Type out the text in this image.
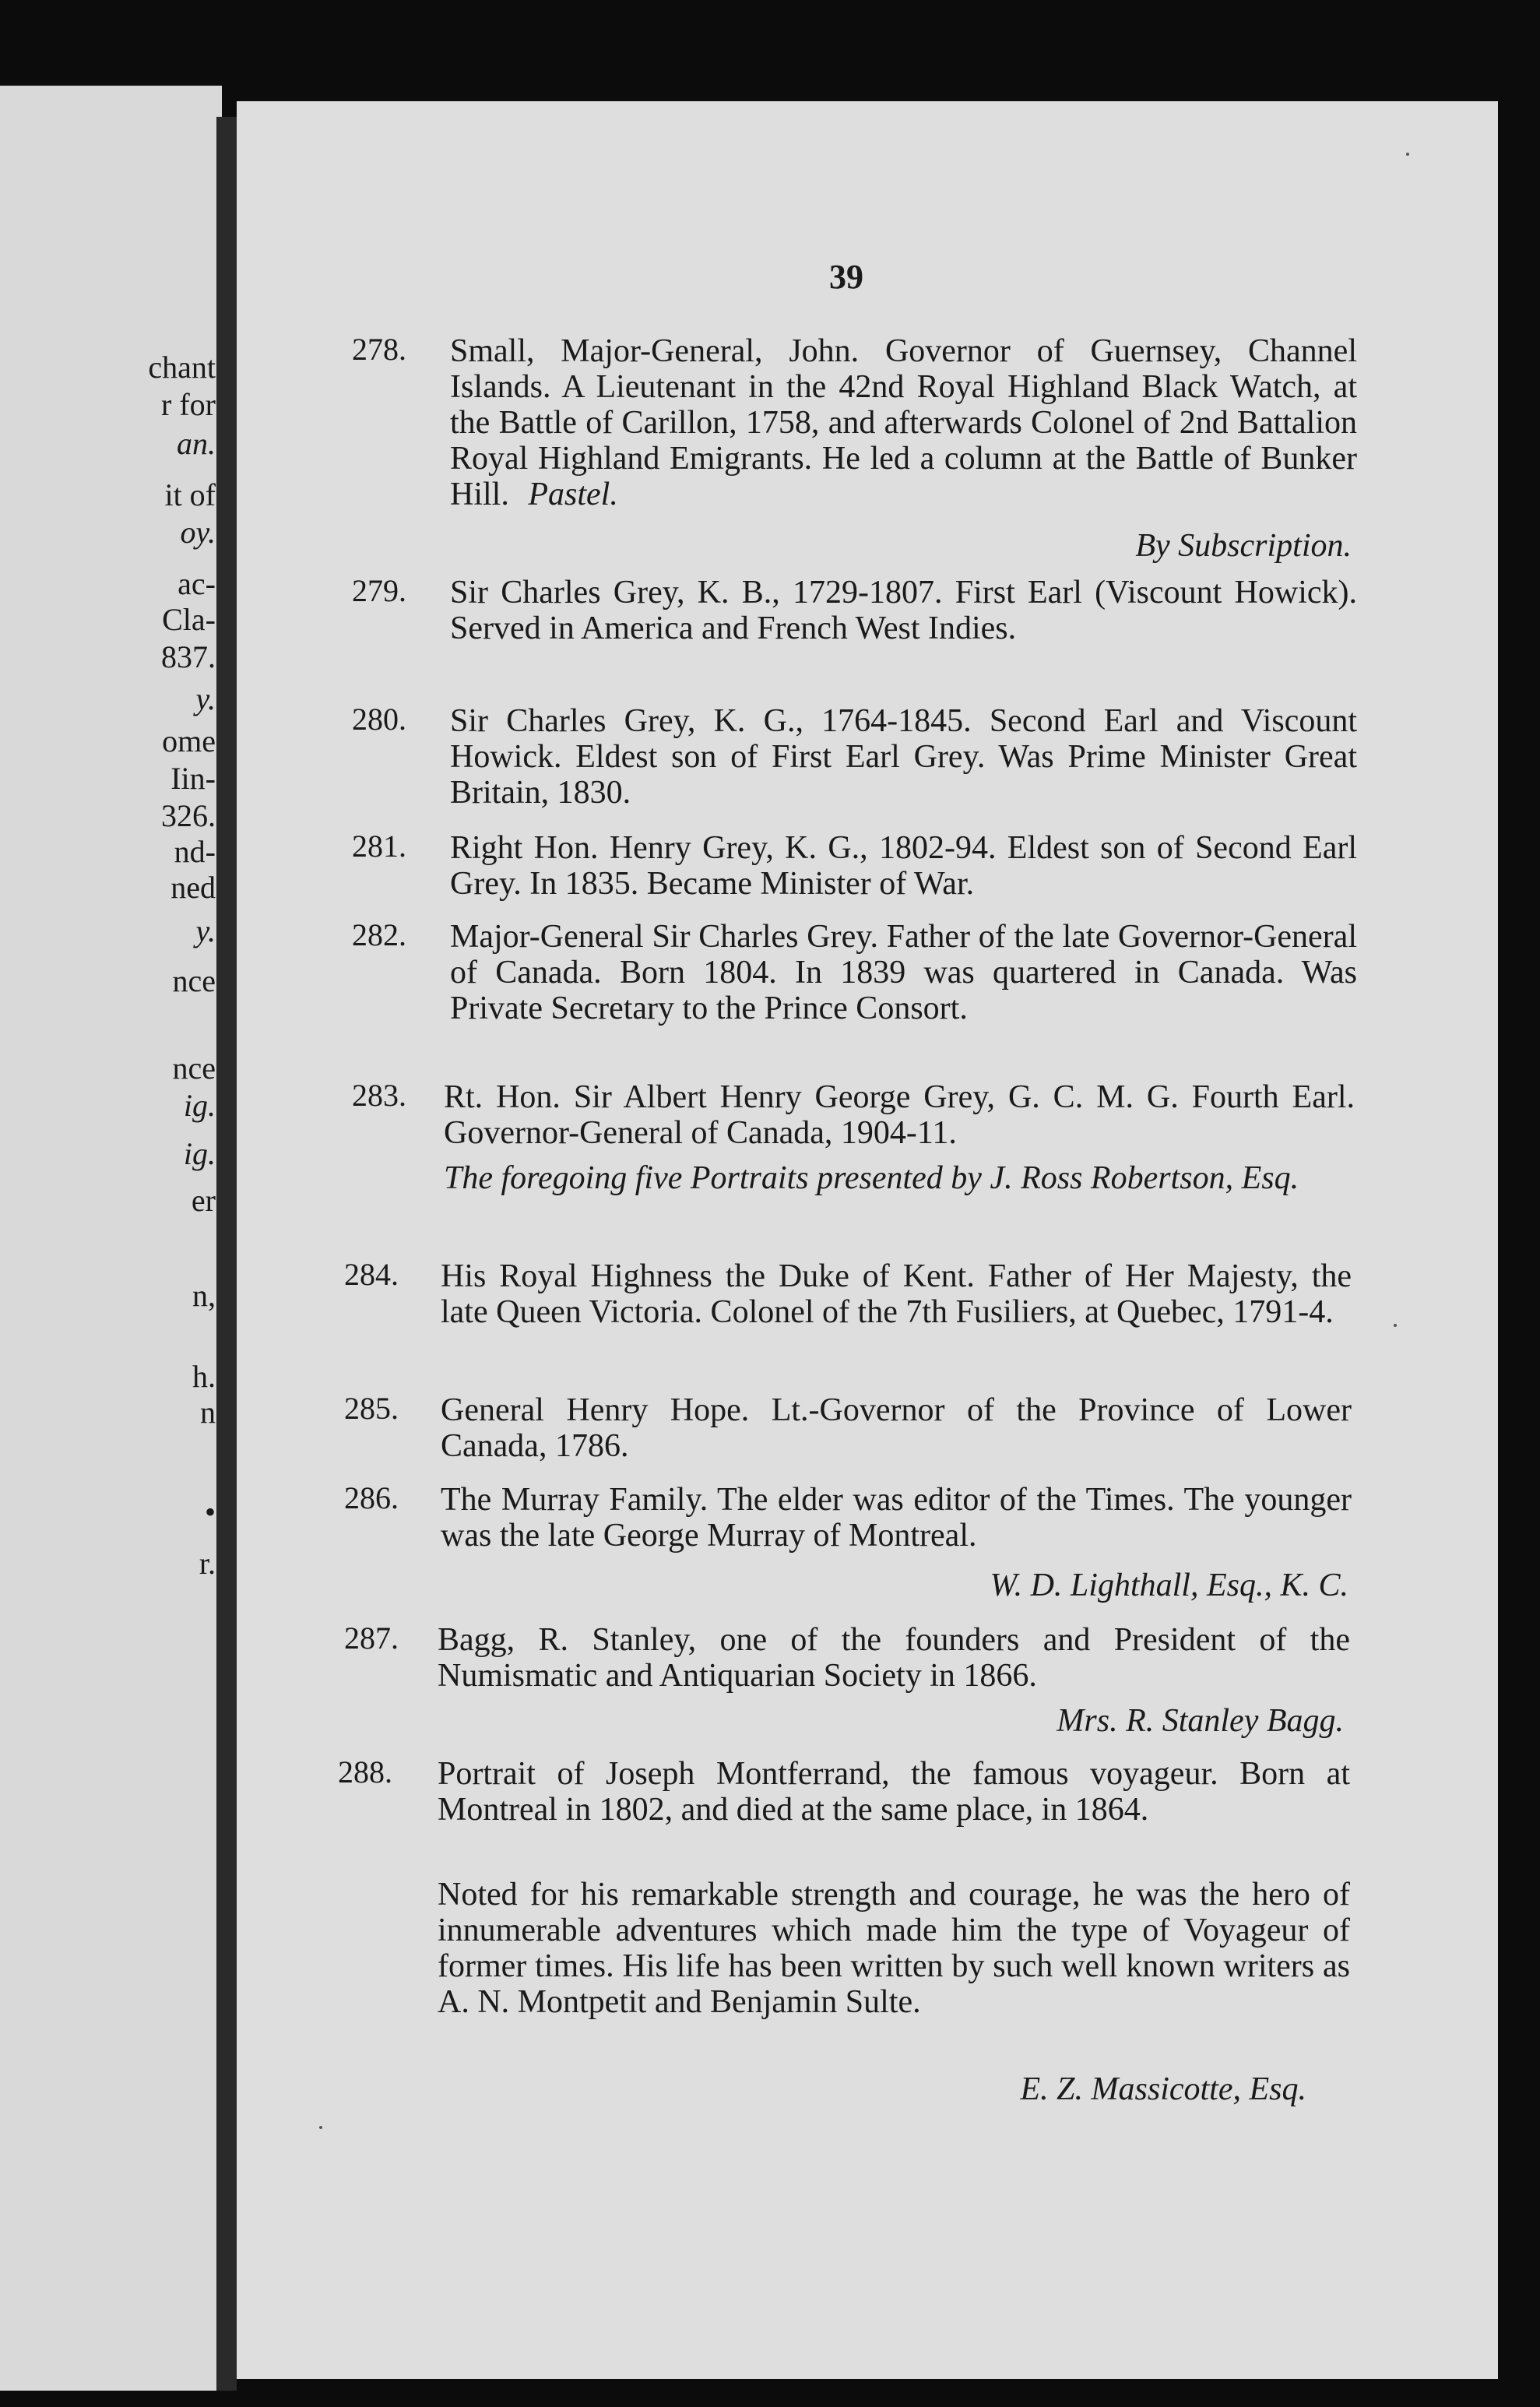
chant
r for
an.
it of
oy.
ac-
Cla-
837.
y.
ome
Iin-
326.
nd-
ned
y.
nce
nce
ig.
ig.
er
n,
h.
n
•
r.
39
278. Small, Major-General, John. Governor of Guernsey, Channel Islands. A Lieutenant in the 42nd Royal Highland Black Watch, at the Battle of Carillon, 1758, and afterwards Colonel of 2nd Battalion Royal Highland Emigrants. He led a column at the Battle of Bunker Hill. Pastel.
By Subscription.
279. Sir Charles Grey, K. B., 1729-1807. First Earl (Viscount Howick). Served in America and French West Indies.
280. Sir Charles Grey, K. G., 1764-1845. Second Earl and Viscount Howick. Eldest son of First Earl Grey. Was Prime Minister Great Britain, 1830.
281. Right Hon. Henry Grey, K. G., 1802-94. Eldest son of Second Earl Grey. In 1835. Became Minister of War.
282. Major-General Sir Charles Grey. Father of the late Governor-General of Canada. Born 1804. In 1839 was quartered in Canada. Was Private Secretary to the Prince Consort.
283. Rt. Hon. Sir Albert Henry George Grey, G. C. M. G. Fourth Earl. Governor-General of Canada, 1904-11.
The foregoing five Portraits presented by J. Ross Robertson, Esq.
284. His Royal Highness the Duke of Kent. Father of Her Majesty, the late Queen Victoria. Colonel of the 7th Fusiliers, at Quebec, 1791-4.
285. General Henry Hope. Lt.-Governor of the Province of Lower Canada, 1786.
286. The Murray Family. The elder was editor of the Times. The younger was the late George Murray of Montreal.
W. D. Lighthall, Esq., K. C.
287. Bagg, R. Stanley, one of the founders and President of the Numismatic and Antiquarian Society in 1866.
Mrs. R. Stanley Bagg.
288. Portrait of Joseph Montferrand, the famous voyageur. Born at Montreal in 1802, and died at the same place, in 1864.
Noted for his remarkable strength and courage, he was the hero of innumerable adventures which made him the type of Voyageur of former times. His life has been written by such well known writers as A. N. Montpetit and Benjamin Sulte.
E. Z. Massicotte, Esq.
